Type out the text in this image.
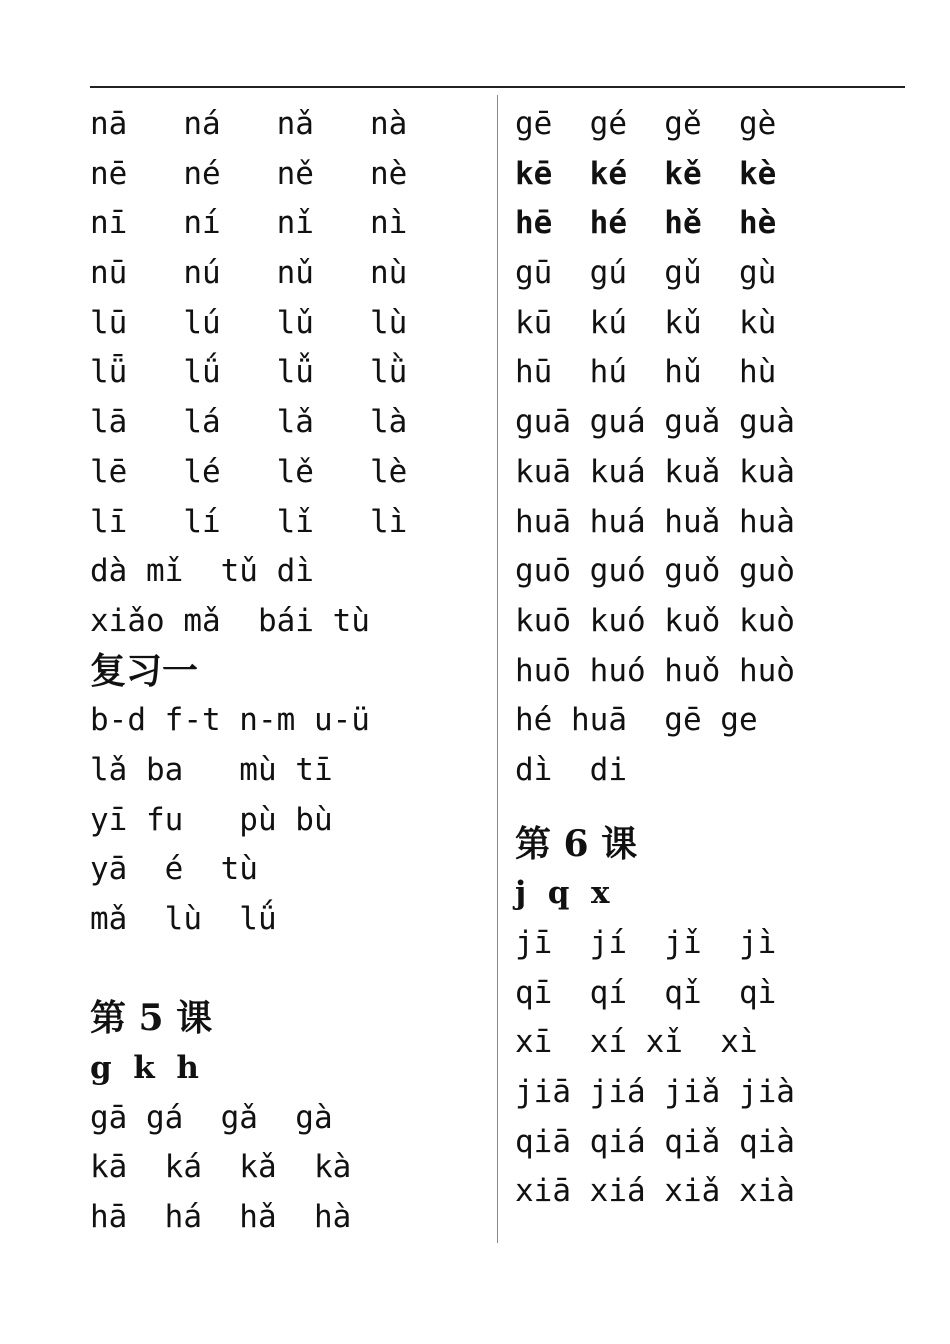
nā   ná   nǎ   nà
nē   né   ně   nè
nī   ní   nǐ   nì
nū   nú   nǔ   nù
lū   lú   lǔ   lù
lǖ   lǘ   lǚ   lǜ
lā   lá   lǎ   là
lē   lé   lě   lè
lī   lí   lǐ   lì
dà mǐ  tǔ dì
xiǎo mǎ  bái tù
复习一
b-d f-t n-m u-ü
lǎ ba   mù tī
yī fu   pù bù
yā  é  tù
mǎ  lù  lǘ
第 5 课
g  k  h
gā gá  gǎ  gà
kā  ká  kǎ  kà
hā  há  hǎ  hà
gē  gé  gě  gè
kē  ké  kě  kè
hē  hé  hě  hè
gū  gú  gǔ  gù
kū  kú  kǔ  kù
hū  hú  hǔ  hù
guā guá guǎ guà
kuā kuá kuǎ kuà
huā huá huǎ huà
guō guó guǒ guò
kuō kuó kuǒ kuò
huō huó huǒ huò
hé huā  gē ge
dì  di
第 6 课
j  q  x
jī  jí  jǐ  jì
qī  qí  qǐ  qì
xī  xí xǐ  xì
jiā jiá jiǎ jià
qiā qiá qiǎ qià
xiā xiá xiǎ xià
